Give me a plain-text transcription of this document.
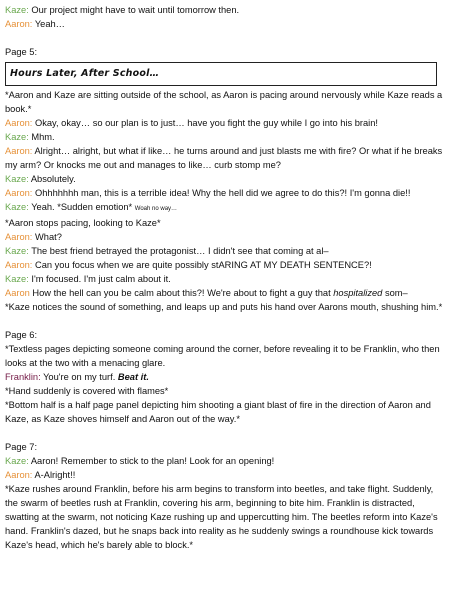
Kaze: Our project might have to wait until tomorrow then.
Aaron: Yeah…
Page 5:
Hours Later, After School…
*Aaron and Kaze are sitting outside of the school, as Aaron is pacing around nervously while Kaze reads a book.*
Aaron: Okay, okay… so our plan is to just… have you fight the guy while I go into his brain!
Kaze: Mhm.
Aaron: Alright… alright, but what if like… he turns around and just blasts me with fire? Or what if he breaks my arm? Or knocks me out and manages to like… curb stomp me?
Kaze: Absolutely.
Aaron: Ohhhhhhh man, this is a terrible idea! Why the hell did we agree to do this?! I'm gonna die!!
Kaze: Yeah. *Sudden emotion* Woah no way…
*Aaron stops pacing, looking to Kaze*
Aaron: What?
Kaze: The best friend betrayed the protagonist… I didn't see that coming at al–
Aaron: Can you focus when we are quite possibly stARING AT MY DEATH SENTENCE?!
Kaze: I'm focused. I'm just calm about it.
Aaron How the hell can you be calm about this?! We're about to fight a guy that hospitalized som–
*Kaze notices the sound of something, and leaps up and puts his hand over Aarons mouth, shushing him.*
Page 6:
*Textless pages depicting someone coming around the corner, before revealing it to be Franklin, who then looks at the two with a menacing glare.
Franklin: You're on my turf. Beat it.
*Hand suddenly is covered with flames*
*Bottom half is a half page panel depicting him shooting a giant blast of fire in the direction of Aaron and Kaze, as Kaze shoves himself and Aaron out of the way.*
Page 7:
Kaze: Aaron! Remember to stick to the plan! Look for an opening!
Aaron: A-Alright!!
*Kaze rushes around Franklin, before his arm begins to transform into beetles, and take flight. Suddenly, the swarm of beetles rush at Franklin, covering his arm, beginning to bite him. Franklin is distracted, swatting at the swarm, not noticing Kaze rushing up and uppercutting him. The beetles reform into Kaze's hand. Franklin's dazed, but he snaps back into reality as he suddenly swings a roundhouse kick towards Kaze's head, which he's barely able to block.*
